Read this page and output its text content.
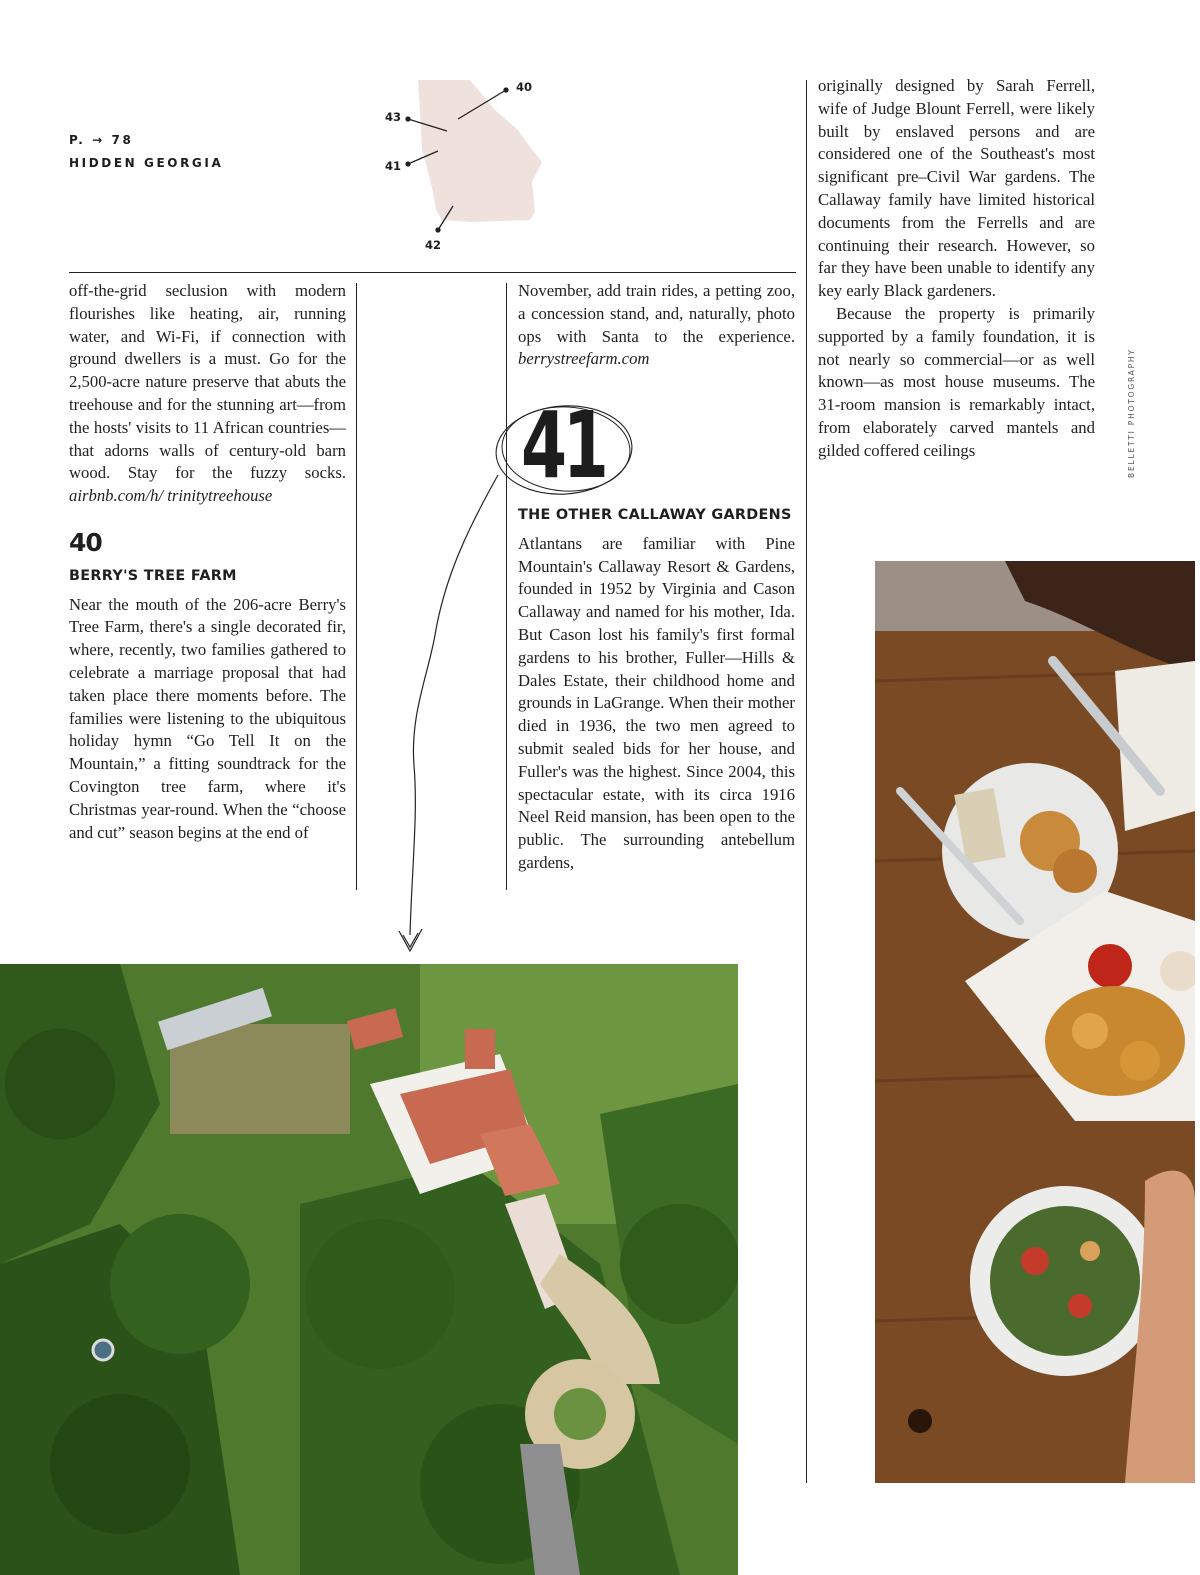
P. → 78
HIDDEN GEORGIA
40
43
41
42

off-the-grid seclusion with modern flourishes like heating, air, running water, and Wi-Fi, if connection with ground dwellers is a must. Go for the 2,500-acre nature preserve that abuts the treehouse and for the stunning art—from the hosts' visits to 11 African countries—that adorns walls of century-old barn wood. Stay for the fuzzy socks. airbnb.com/h/ trinitytreehouse

40
BERRY'S TREE FARM

Near the mouth of the 206-acre Berry's Tree Farm, there's a single decorated fir, where, recently, two families gathered to celebrate a marriage proposal that had taken place there moments before. The families were listening to the ubiquitous holiday hymn “Go Tell It on the Mountain,” a fitting soundtrack for the Covington tree farm, where it's Christmas year-round. When the “choose and cut” season begins at the end of

November, add train rides, a petting zoo, a concession stand, and, naturally, photo ops with Santa to the experience. berrystreefarm.com

41
THE OTHER CALLAWAY GARDENS

Atlantans are familiar with Pine Mountain's Callaway Resort & Gardens, founded in 1952 by Virginia and Cason Callaway and named for his mother, Ida. But Cason lost his family's first formal gardens to his brother, Fuller—Hills & Dales Estate, their childhood home and grounds in LaGrange. When their mother died in 1936, the two men agreed to submit sealed bids for her house, and Fuller's was the highest. Since 2004, this spectacular estate, with its circa 1916 Neel Reid mansion, has been open to the public. The surrounding antebellum gardens,

originally designed by Sarah Ferrell, wife of Judge Blount Ferrell, were likely built by enslaved persons and are considered one of the Southeast's most significant pre–Civil War gardens. The Callaway family have limited historical documents from the Ferrells and are continuing their research. However, so far they have been unable to identify any key early Black gardeners.

Because the property is primarily supported by a family foundation, it is not nearly so commercial—or as well known—as most house museums. The 31-room mansion is remarkably intact, from elaborately carved mantels and gilded coffered ceilings	BELLETTI PHOTOGRAPHY
